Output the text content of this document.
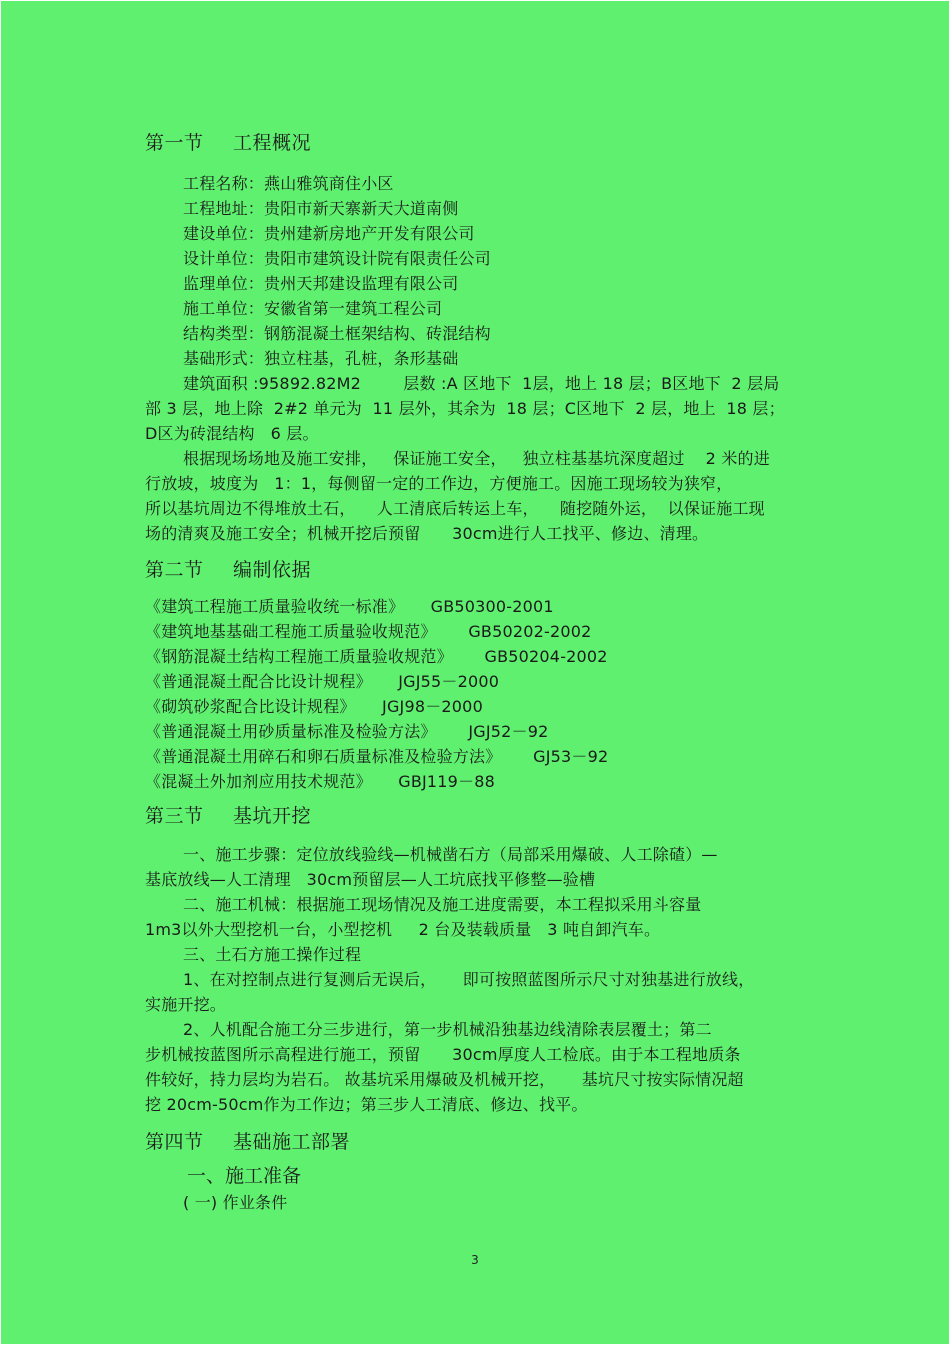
第一节 工程概况
工程名称：燕山雅筑商住小区
工程地址：贵阳市新天寨新天大道南侧
建设单位：贵州建新房地产开发有限公司
设计单位：贵阳市建筑设计院有限责任公司
监理单位：贵州天邦建设监理有限公司
施工单位：安徽省第一建筑工程公司
结构类型：钢筋混凝土框架结构、砖混结构
基础形式：独立柱基，孔桩，条形基础
建筑面积 :95892.82M2        层数 :A 区地下  1层，地上 18 层；B区地下  2 层局
部 3 层，地上除  2#2 单元为  11 层外，其余为  18 层；C区地下  2 层，地上  18 层；
D区为砖混结构   6 层。
根据现场场地及施工安排，   保证施工安全，   独立柱基基坑深度超过    2 米的进
行放坡，坡度为   1：1，每侧留一定的工作边，方便施工。因施工现场较为狭窄，
所以基坑周边不得堆放土石，    人工清底后转运上车，    随挖随外运，  以保证施工现
场的清爽及施工安全；机械开挖后预留      30cm进行人工找平、修边、清理。
第二节 编制依据
《建筑工程施工质量验收统一标准》     GB50300-2001
《建筑地基基础工程施工质量验收规范》      GB50202-2002
《钢筋混凝土结构工程施工质量验收规范》      GB50204-2002
《普通混凝土配合比设计规程》     JGJ55－2000
《砌筑砂浆配合比设计规程》     JGJ98－2000
《普通混凝土用砂质量标准及检验方法》      JGJ52－92
《普通混凝土用碎石和卵石质量标准及检验方法》      GJ53－92
《混凝土外加剂应用技术规范》     GBJ119－88
第三节 基坑开挖
一、施工步骤：定位放线验线—机械凿石方（局部采用爆破、人工除碴）—
基底放线—人工清理   30cm预留层—人工坑底找平修整—验槽
二、施工机械：根据施工现场情况及施工进度需要，本工程拟采用斗容量
1m3以外大型挖机一台，小型挖机     2 台及装载质量   3 吨自卸汽车。
三、土石方施工操作过程
1、在对控制点进行复测后无误后，     即可按照蓝图所示尺寸对独基进行放线，
实施开挖。
2、人机配合施工分三步进行，第一步机械沿独基边线清除表层覆土；第二
步机械按蓝图所示高程进行施工，预留      30cm厚度人工检底。由于本工程地质条
件较好，持力层均为岩石。 故基坑采用爆破及机械开挖，     基坑尺寸按实际情况超
挖 20cm-50cm作为工作边；第三步人工清底、修边、找平。
第四节 基础施工部署
一、施工准备
( 一) 作业条件
3
